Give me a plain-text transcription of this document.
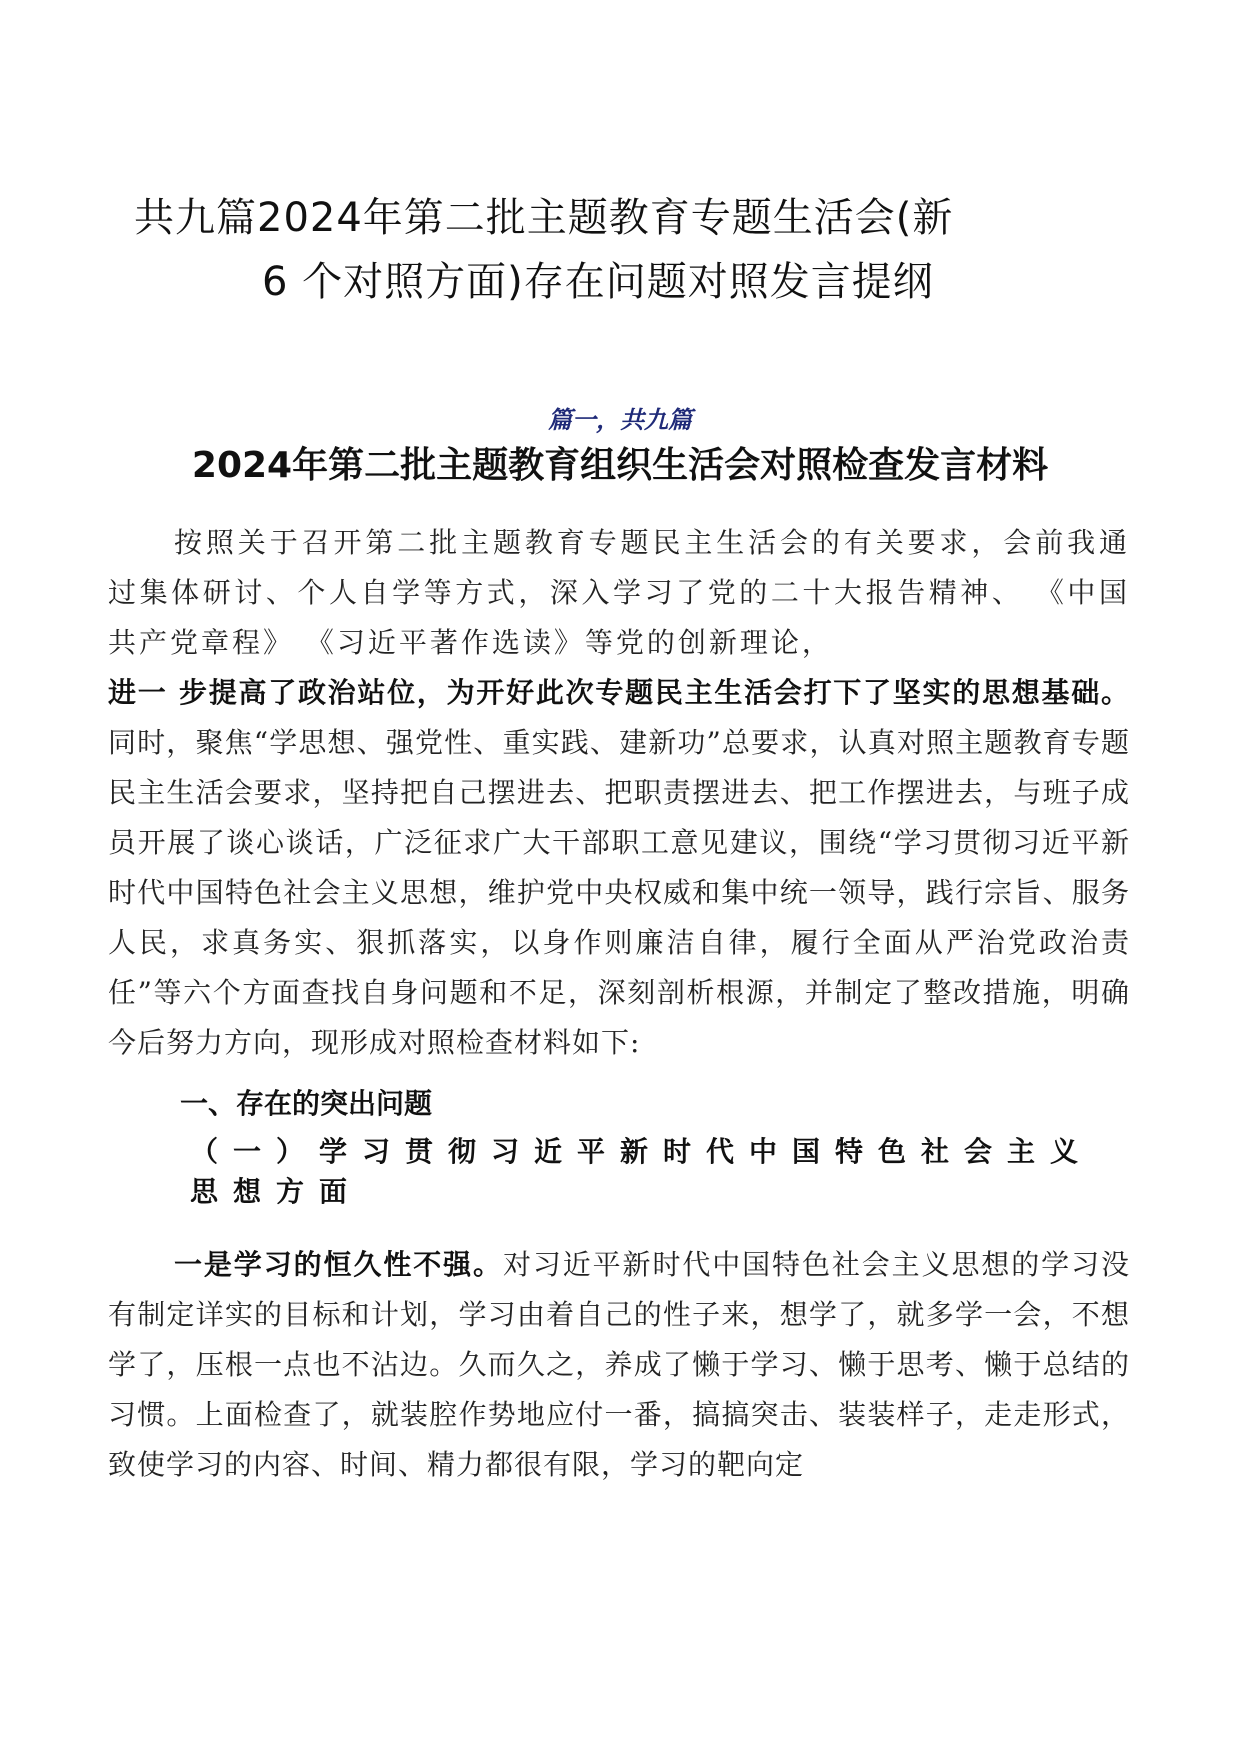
共九篇2024年第二批主题教育专题生活会(新
6 个对照方面)存在问题对照发言提纲
篇一，共九篇
2024年第二批主题教育组织生活会对照检查发言材料

按照关于召开第二批主题教育专题民主生活会的有关要求，会前我通过集体研讨、个人自学等方式，深入学习了党的二十大报告精神、 《中国共产党章程》 《习近平著作选读》等党的创新理论，

进一 步提高了政治站位，为开好此次专题民主生活会打下了坚实的思想基础。 同时，聚焦“学思想、强党性、重实践、建新功”总要求，认真对照主题教育专题民主生活会要求，坚持把自己摆进去、把职责摆进去、把工作摆进去，与班子成员开展了谈心谈话，广泛征求广大干部职工意见建议，围绕“学习贯彻习近平新时代中国特色社会主义思想，维护党中央权威和集中统一领导，践行宗旨、服务人民，求真务实、狠抓落实，以身作则廉洁自律，履行全面从严治党政治责任”等六个方面查找自身问题和不足，深刻剖析根源，并制定了整改措施，明确今后努力方向，现形成对照检查材料如下:

一、存在的突出问题
（一）学习贯彻习近平新时代中国特色社会主义思想方面

一是学习的恒久性不强。对习近平新时代中国特色社会主义思想的学习没有制定详实的目标和计划，学习由着自己的性子来，想学了，就多学一会，不想学了，压根一点也不沾边。久而久之，养成了懒于学习、懒于思考、懒于总结的习惯。上面检查了，就装腔作势地应付一番，搞搞突击、装装样子，走走形式，致使学习的内容、时间、精力都很有限，学习的靶向定
